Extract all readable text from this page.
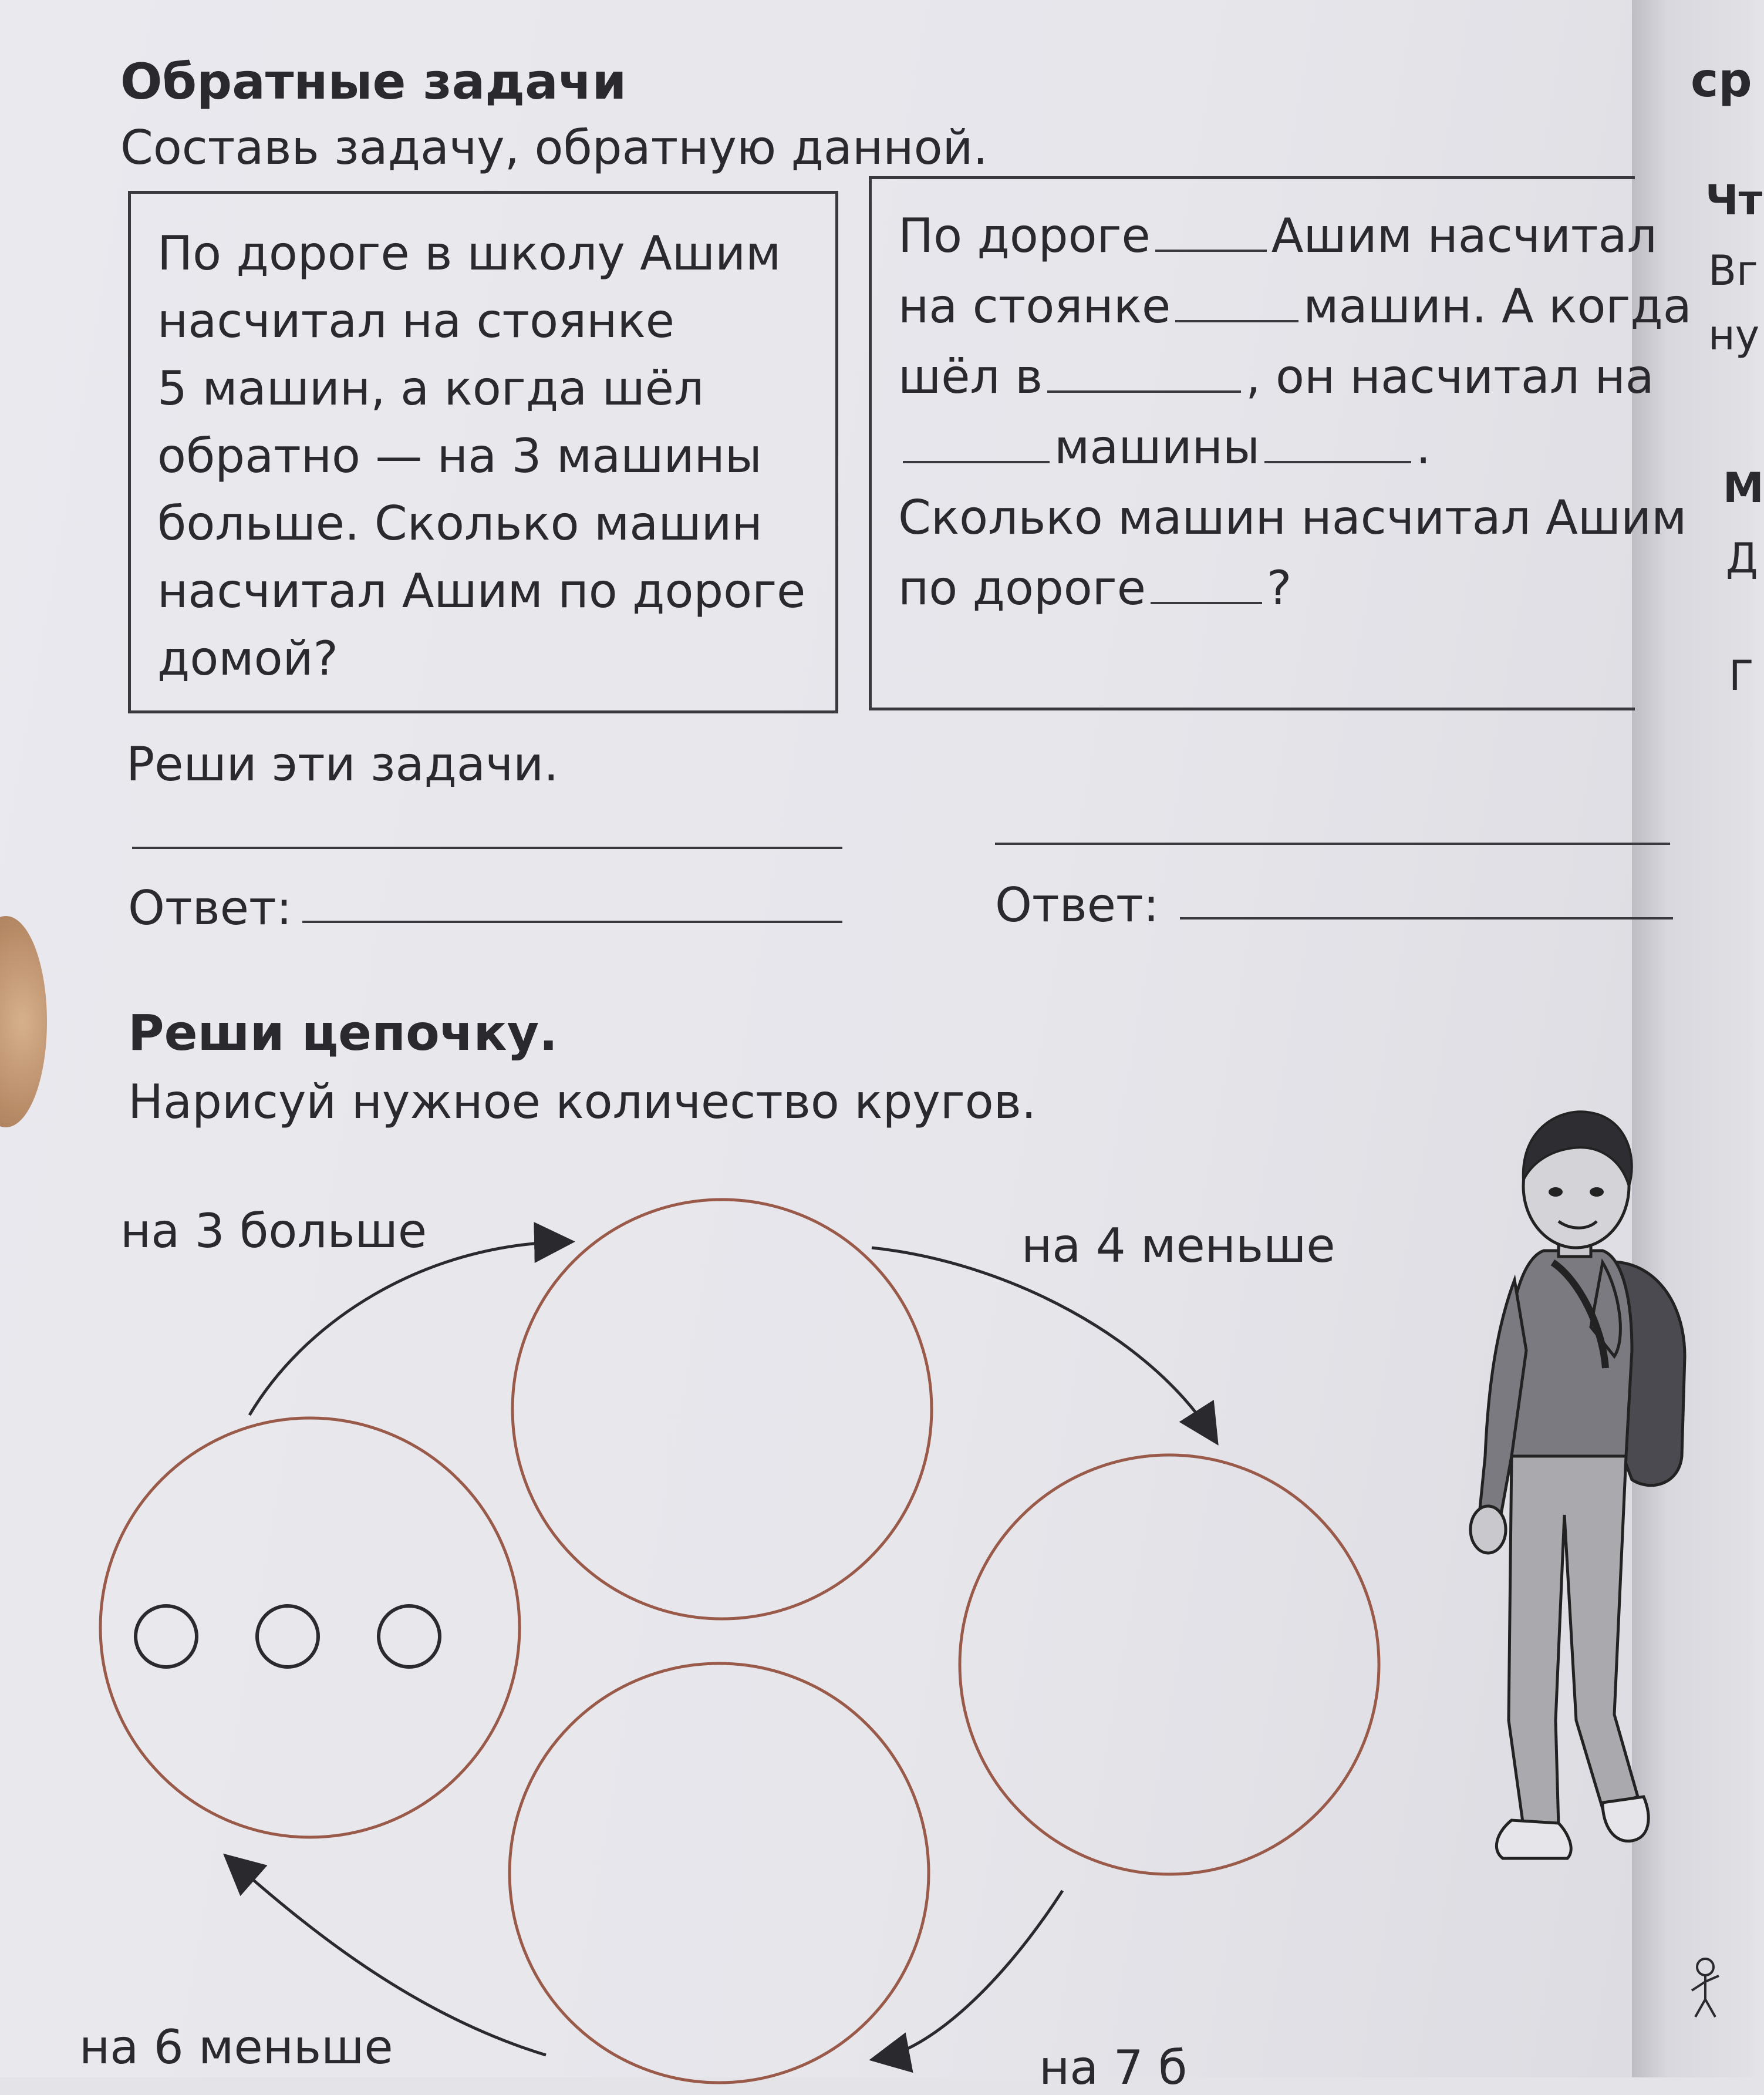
Обратные задачи
Составь задачу, обратную данной.
По дороге в школу Ашим
насчитал на стоянке
5 машин, а когда шёл
обратно — на 3 машины
больше. Сколько машин
насчитал Ашим по дороге
домой?
По дороге	Ашим насчитал
на стоянке	машин. А когда
шёл в	, он насчитал на
машины	.
Сколько машин насчитал Ашим
по дороге	?
Реши эти задачи.
Ответ:	Ответ:
Реши цепочку.
Нарисуй нужное количество кругов.
на 3 больше	на 4 меньше
на 6 меньше	на 7 б
ср
Чт
Вг
ну
М
Д
Г
